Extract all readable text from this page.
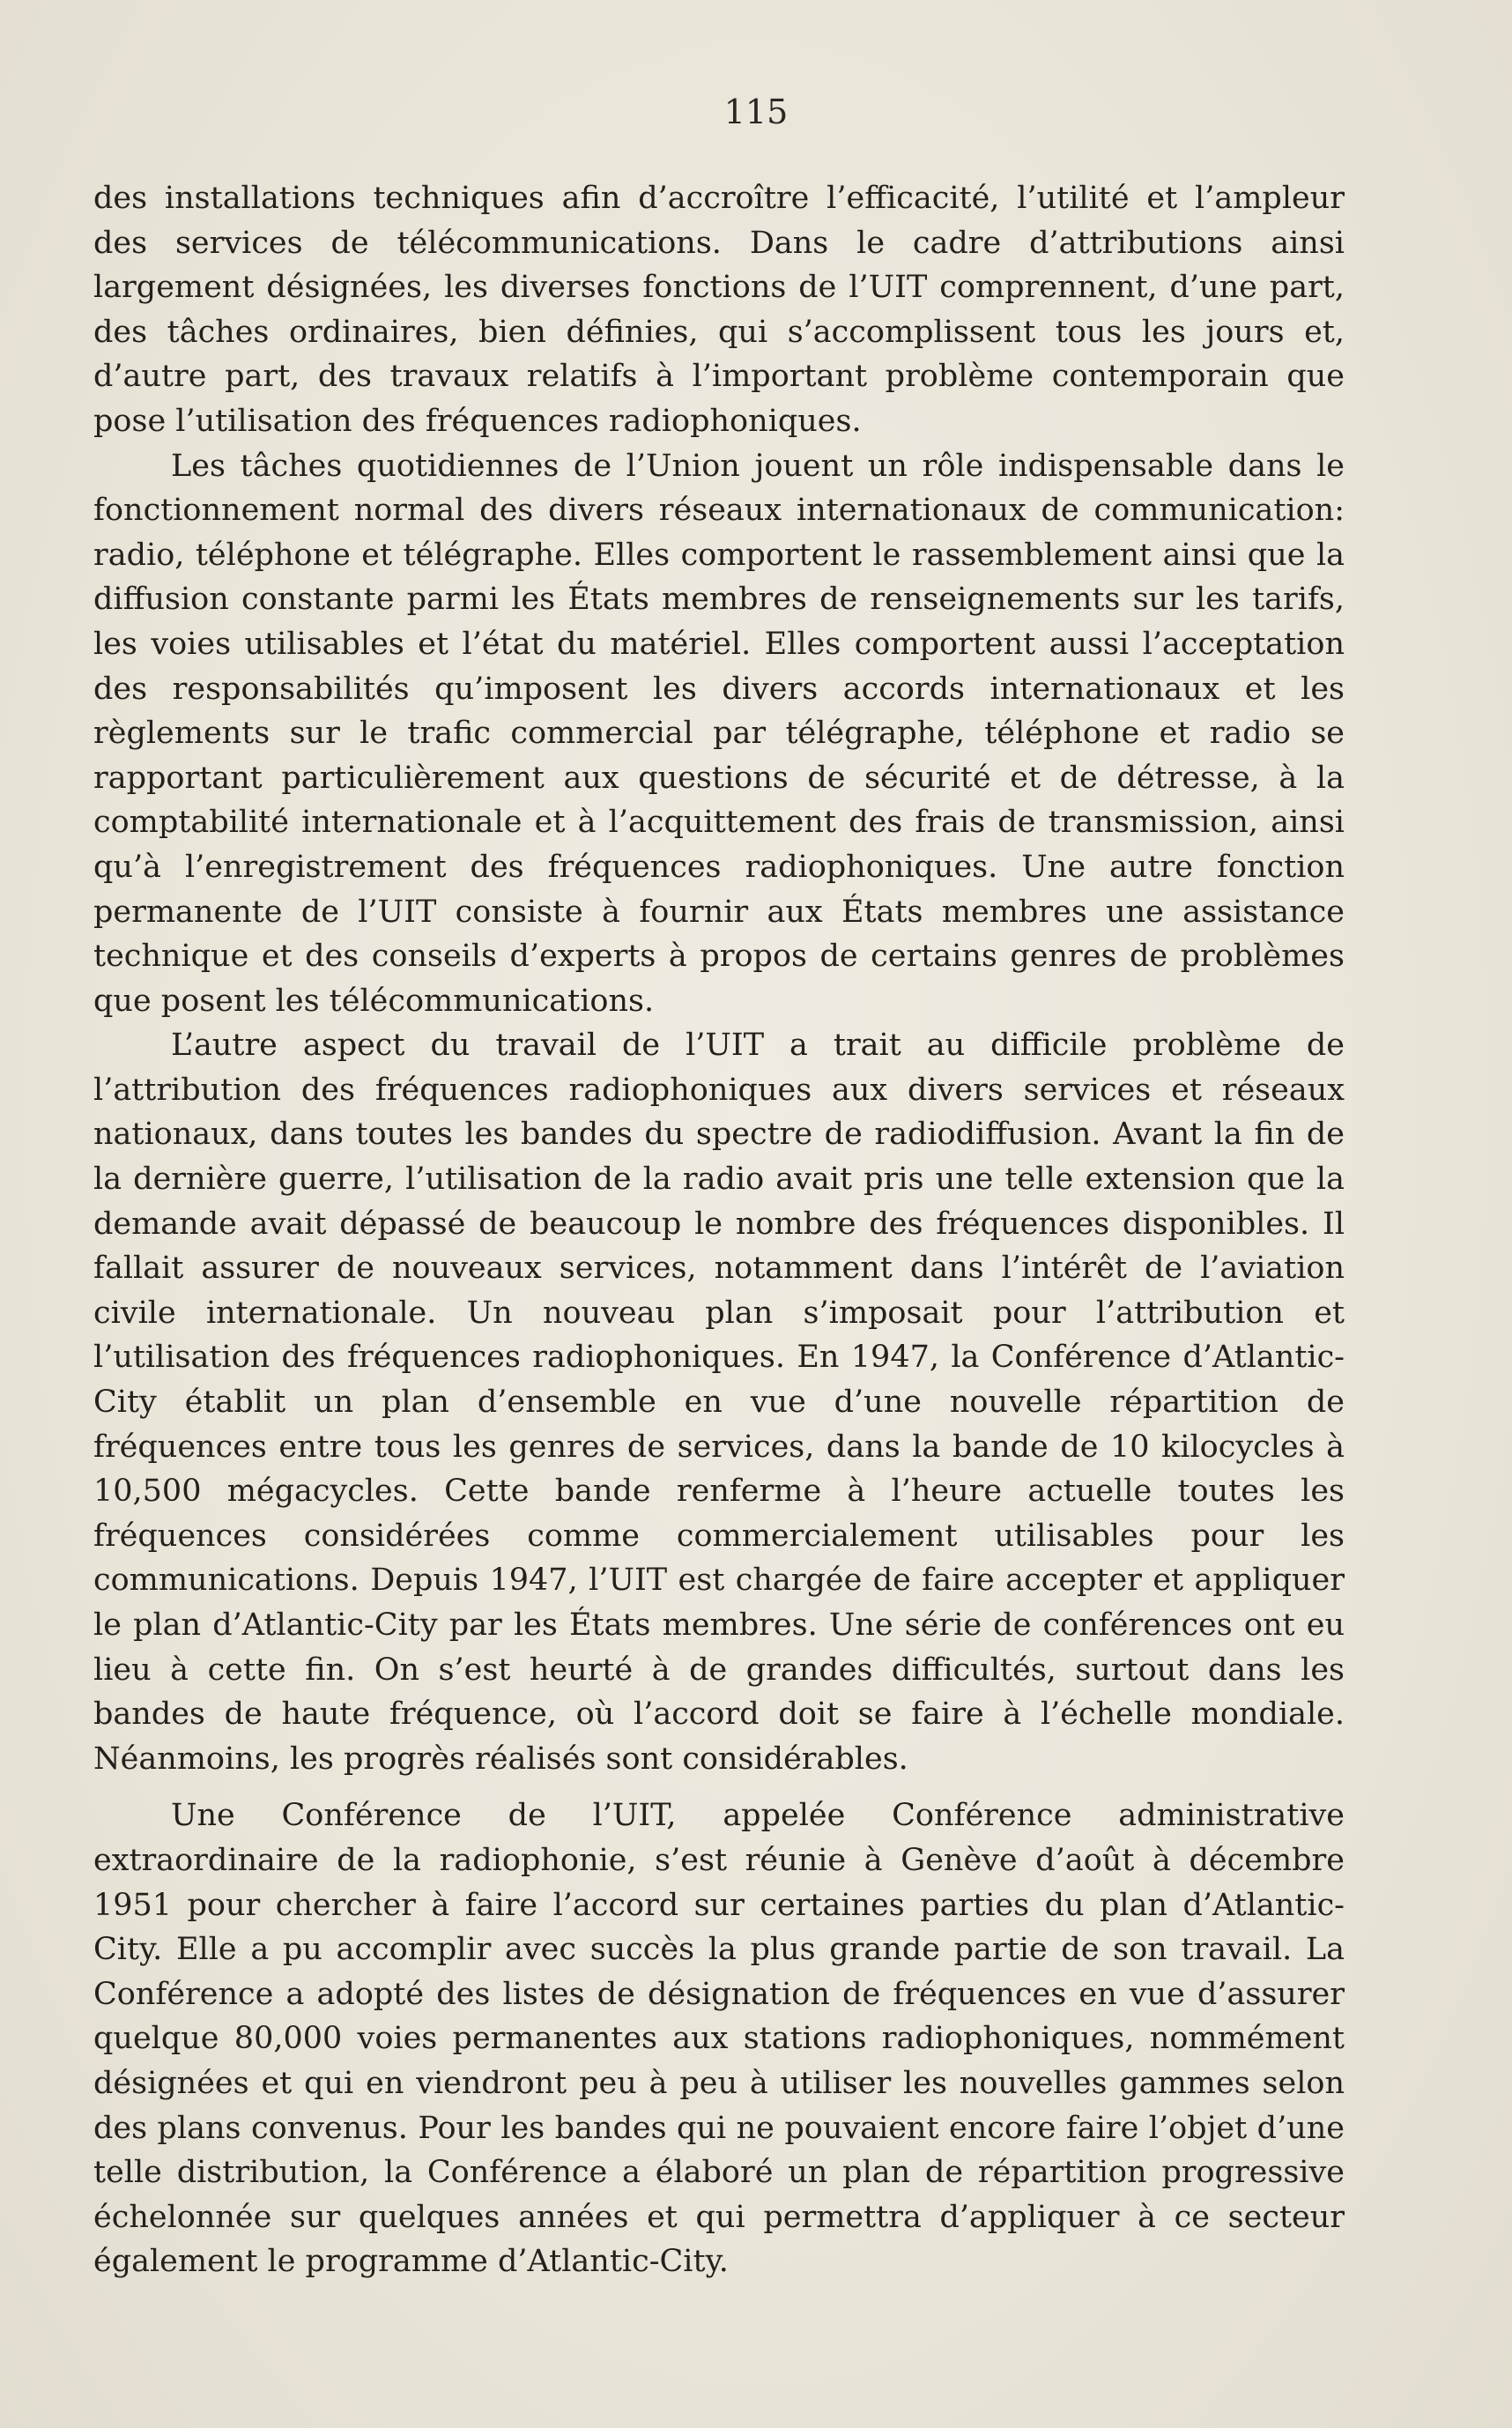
115

des installations techniques afin d’accroître l’efficacité, l’utilité et l’ampleur des services de télécommunications. Dans le cadre d’attributions ainsi largement désignées, les diverses fonctions de l’UIT comprennent, d’une part, des tâches ordinaires, bien définies, qui s’accomplissent tous les jours et, d’autre part, des travaux relatifs à l’important problème contemporain que pose l’utilisation des fréquences radiophoniques.

Les tâches quotidiennes de l’Union jouent un rôle indispensable dans le fonctionnement normal des divers réseaux internationaux de communication: radio, téléphone et télégraphe. Elles comportent le rassemblement ainsi que la diffusion constante parmi les États membres de renseignements sur les tarifs, les voies utilisables et l’état du matériel. Elles comportent aussi l’acceptation des responsabilités qu’imposent les divers accords internationaux et les règlements sur le trafic commercial par télégraphe, téléphone et radio se rapportant particulièrement aux questions de sécurité et de détresse, à la comptabilité internationale et à l’acquittement des frais de transmission, ainsi qu’à l’enregistrement des fréquences radiophoniques. Une autre fonction permanente de l’UIT consiste à fournir aux États membres une assistance technique et des conseils d’experts à propos de certains genres de problèmes que posent les télécommunications.

L’autre aspect du travail de l’UIT a trait au difficile problème de l’attribution des fréquences radiophoniques aux divers services et réseaux nationaux, dans toutes les bandes du spectre de radiodiffusion. Avant la fin de la dernière guerre, l’utilisation de la radio avait pris une telle extension que la demande avait dépassé de beaucoup le nombre des fréquences disponibles. Il fallait assurer de nouveaux services, notamment dans l’intérêt de l’aviation civile internationale. Un nouveau plan s’imposait pour l’attribution et l’utilisation des fréquences radiophoniques. En 1947, la Conférence d’Atlantic-City établit un plan d’ensemble en vue d’une nouvelle répartition de fréquences entre tous les genres de services, dans la bande de 10 kilocycles à 10,500 mégacycles. Cette bande renferme à l’heure actuelle toutes les fréquences considérées comme commercialement utilisables pour les communications. Depuis 1947, l’UIT est chargée de faire accepter et appliquer le plan d’Atlantic-City par les États membres. Une série de conférences ont eu lieu à cette fin. On s’est heurté à de grandes difficultés, surtout dans les bandes de haute fréquence, où l’accord doit se faire à l’échelle mondiale. Néanmoins, les progrès réalisés sont considérables.

Une Conférence de l’UIT, appelée Conférence administrative extraordinaire de la radiophonie, s’est réunie à Genève d’août à décembre 1951 pour chercher à faire l’accord sur certaines parties du plan d’Atlantic-City. Elle a pu accomplir avec succès la plus grande partie de son travail. La Conférence a adopté des listes de désignation de fréquences en vue d’assurer quelque 80,000 voies permanentes aux stations radiophoniques, nommément désignées et qui en viendront peu à peu à utiliser les nouvelles gammes selon des plans convenus. Pour les bandes qui ne pouvaient encore faire l’objet d’une telle distribution, la Conférence a élaboré un plan de répartition progressive échelonnée sur quelques années et qui permettra d’appliquer à ce secteur également le programme d’Atlantic-City.
